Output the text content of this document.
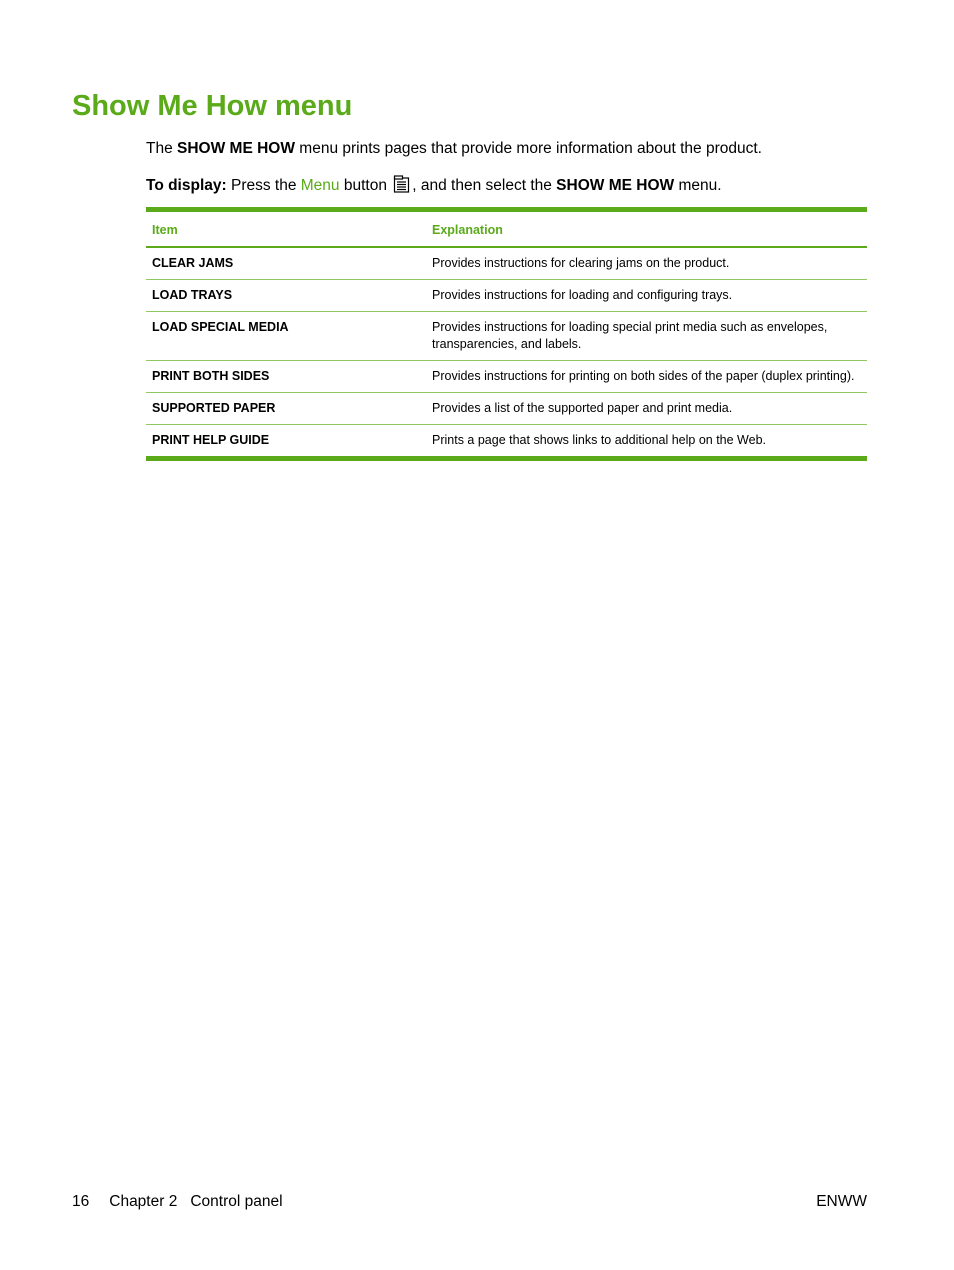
Show Me How menu

The SHOW ME HOW menu prints pages that provide more information about the product.

To display: Press the Menu button
, and then select the SHOW ME HOW menu.

Item	Explanation
CLEAR JAMS	Provides instructions for clearing jams on the product.
LOAD TRAYS	Provides instructions for loading and configuring trays.
LOAD SPECIAL MEDIA	Provides instructions for loading special print media such as envelopes, transparencies, and labels.
PRINT BOTH SIDES	Provides instructions for printing on both sides of the paper (duplex printing).
SUPPORTED PAPER	Provides a list of the supported paper and print media.
PRINT HELP GUIDE	Prints a page that shows links to additional help on the Web.
16 Chapter 2 Control panel	ENWW
